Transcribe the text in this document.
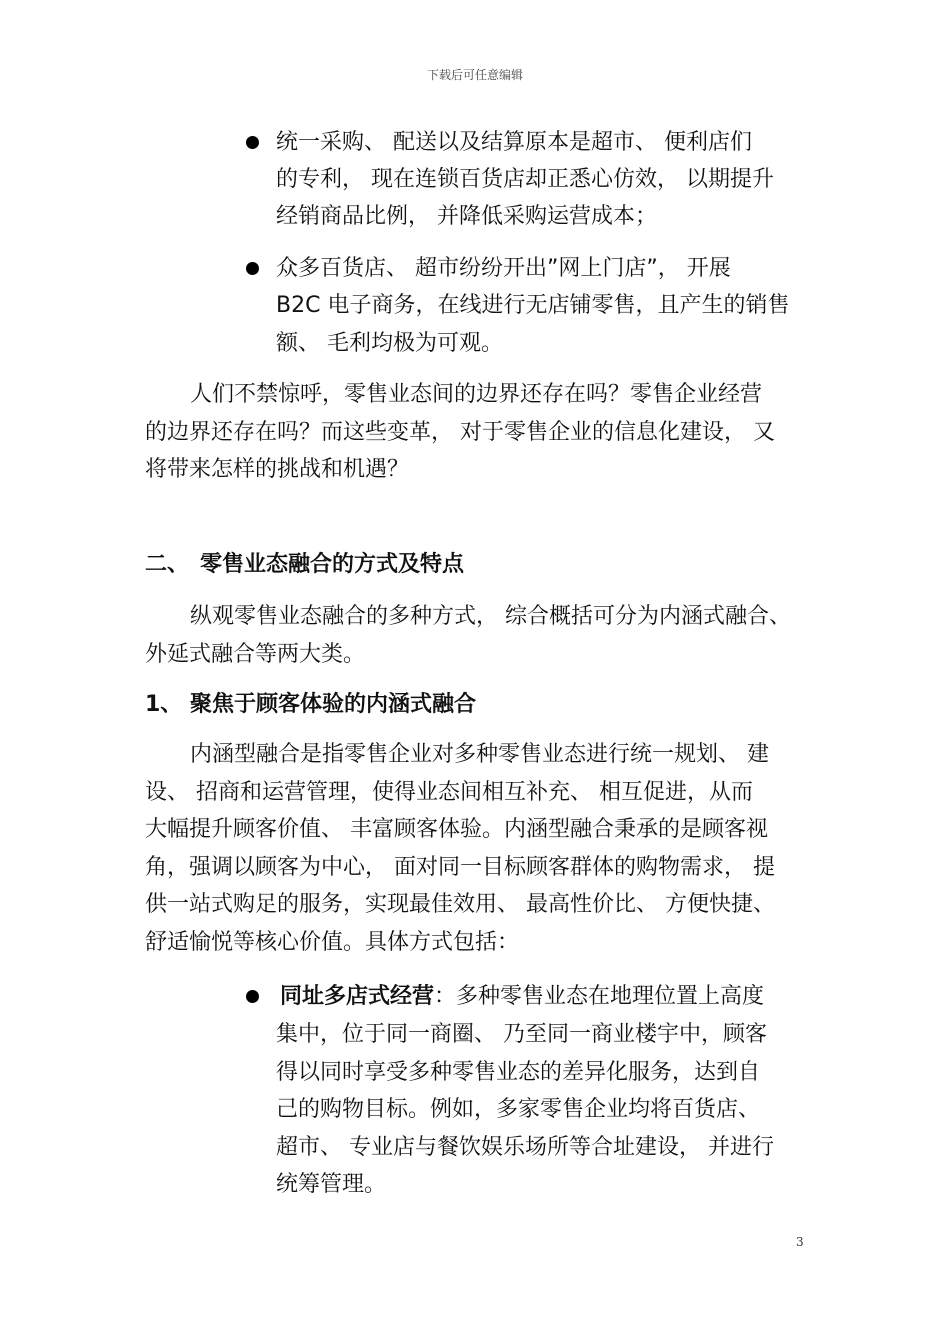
下载后可任意编辑
统一采购、 配送以及结算原本是超市、 便利店们
的专利， 现在连锁百货店却正悉心仿效， 以期提升
经销商品比例， 并降低采购运营成本；
众多百货店、 超市纷纷开出”网上门店”， 开展
B2C 电子商务，在线进行无店铺零售，且产生的销售
额、 毛利均极为可观。
人们不禁惊呼，零售业态间的边界还存在吗？零售企业经营
的边界还存在吗？而这些变革， 对于零售企业的信息化建设， 又
将带来怎样的挑战和机遇？
二、 零售业态融合的方式及特点
纵观零售业态融合的多种方式， 综合概括可分为内涵式融合、
外延式融合等两大类。
1、 聚焦于顾客体验的内涵式融合
内涵型融合是指零售企业对多种零售业态进行统一规划、 建
设、 招商和运营管理，使得业态间相互补充、 相互促进，从而
大幅提升顾客价值、 丰富顾客体验。内涵型融合秉承的是顾客视
角，强调以顾客为中心， 面对同一目标顾客群体的购物需求， 提
供一站式购足的服务，实现最佳效用、 最高性价比、 方便快捷、
舒适愉悦等核心价值。具体方式包括：
同址多店式经营：多种零售业态在地理位置上高度
集中，位于同一商圈、 乃至同一商业楼宇中，顾客
得以同时享受多种零售业态的差异化服务，达到自
己的购物目标。例如，多家零售企业均将百货店、
超市、 专业店与餐饮娱乐场所等合址建设， 并进行
统筹管理。
3
